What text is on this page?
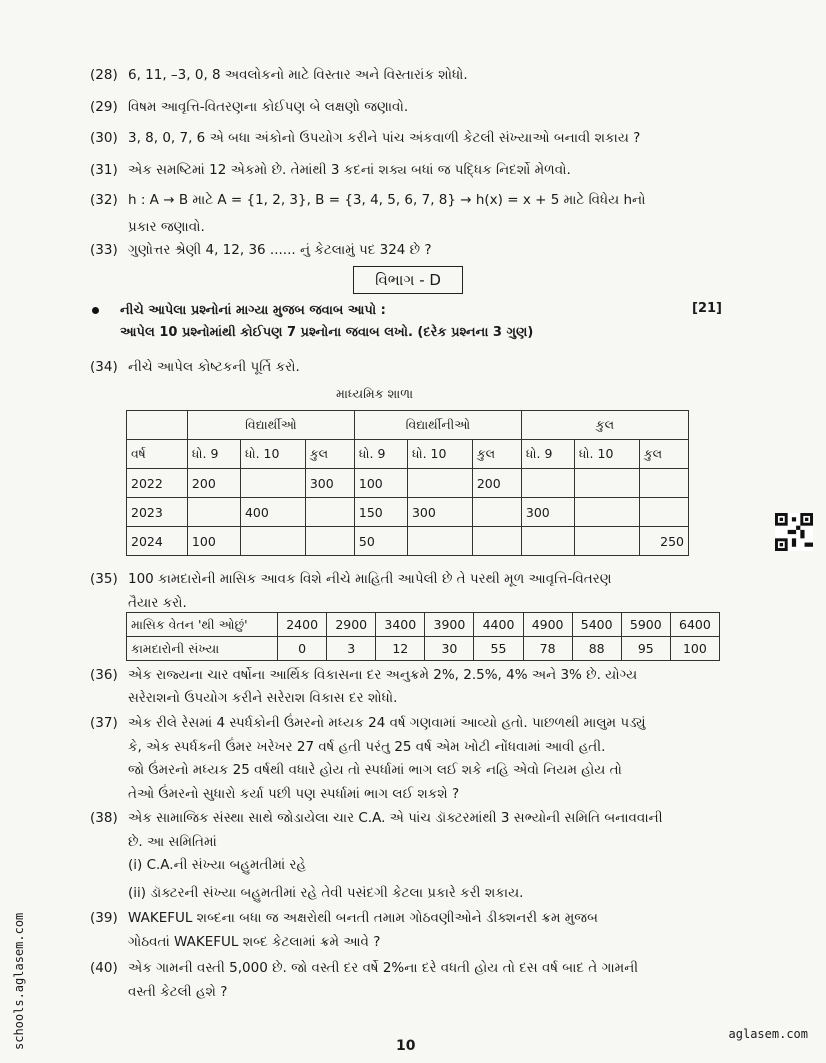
(28) 6, 11, –3, 0, 8 અવલોકનો માટે વિસ્તાર અને વિસ્તારાંક શોધો.
(29) વિષમ આવૃત્તિ-વિતરણના કોઈપણ બે લક્ષણો જણાવો.
(30) 3, 8, 0, 7, 6 એ બધા અંકોનો ઉપયોગ કરીને પાંચ અંકવાળી કેટલી સંખ્યાઓ બનાવી શકાય ?
(31) એક સમષ્ટિમાં 12 એકમો છે. તેમાંથી 3 કદનાં શક્ય બધાં જ પદ્ધિક નિદર્શો મેળવો.
(32) h : A → B માટે A = {1, 2, 3}, B = {3, 4, 5, 6, 7, 8} → h(x) = x + 5 માટે વિધેય hનો
પ્રકાર જણાવો.
(33) ગુણોત્તર શ્રેણી 4, 12, 36 ...... નું કેટલામું પદ 324 છે ?
વિભાગ - D
નીચે આપેલા પ્રશ્નોનાં માગ્યા મુજબ જવાબ આપો :
આપેલ 10 પ્રશ્નોમાંથી કોઈપણ 7 પ્રશ્નોના જવાબ લખો. (દરેક પ્રશ્નના 3 ગુણ)
[21]
(34) નીચે આપેલ કોષ્ટકની પૂર્તિ કરો.
માધ્યમિક શાળા
	વિદ્યાર્થીઓ			વિદ્યાર્થીનીઓ			કુલ		
વર્ષ	ધો. 9	ધો. 10	કુલ	ધો. 9	ધો. 10	કુલ	ધો. 9	ધો. 10	કુલ
2022	200		300	100		200			
2023		400		150	300		300		
2024	100			50					250
(35) 100 કામદારોની માસિક આવક વિશે નીચે માહિતી આપેલી છે તે પરથી મૂળ આવૃત્તિ-વિતરણ
તૈયાર કરો.
માસિક વેતન 'થી ઓછું'	2400	2900	3400	3900	4400	4900	5400	5900	6400
કામદારોની સંખ્યા	0	3	12	30	55	78	88	95	100
(36) એક રાજ્યના ચાર વર્ષોના આર્થિક વિકાસના દર અનુક્રમે 2%, 2.5%, 4% અને 3% છે. યોગ્ય
સરેરાશનો ઉપયોગ કરીને સરેરાશ વિકાસ દર શોધો.
(37) એક રીલે રેસમાં 4 સ્પર્ધકોની ઉંમરનો મધ્યક 24 વર્ષ ગણવામાં આવ્યો હતો. પાછળથી માલુમ પડ્યું
કે, એક સ્પર્ધકની ઉંમર ખરેખર 27 વર્ષ હતી પરંતુ 25 વર્ષ એમ ખોટી નોંધવામાં આવી હતી.
જો ઉંમરનો મધ્યક 25 વર્ષથી વધારે હોય તો સ્પર્ધામાં ભાગ લઈ શકે નહિ એવો નિયમ હોય તો
તેઓ ઉંમરનો સુધારો કર્યા પછી પણ સ્પર્ધામાં ભાગ લઈ શકશે ?
(38) એક સામાજિક સંસ્થા સાથે જોડાયેલા ચાર C.A. એ પાંચ ડૉક્ટરમાંથી 3 સભ્યોની સમિતિ બનાવવાની
છે. આ સમિતિમાં
(i) C.A.ની સંખ્યા બહુમતીમાં રહે
(ii) ડૉક્ટરની સંખ્યા બહુમતીમાં રહે તેવી પસંદગી કેટલા પ્રકારે કરી શકાય.
(39) WAKEFUL શબ્દના બધા જ અક્ષરોથી બનતી તમામ ગોઠવણીઓને ડીક્શનરી ક્રમ મુજબ
ગોઠવતાં WAKEFUL શબ્દ કેટલામાં ક્રમે આવે ?
(40) એક ગામની વસ્તી 5,000 છે. જો વસ્તી દર વર્ષે 2%ના દરે વધતી હોય તો દસ વર્ષ બાદ તે ગામની
વસ્તી કેટલી હશે ?
10
schools.aglasem.com	aglasem.com
